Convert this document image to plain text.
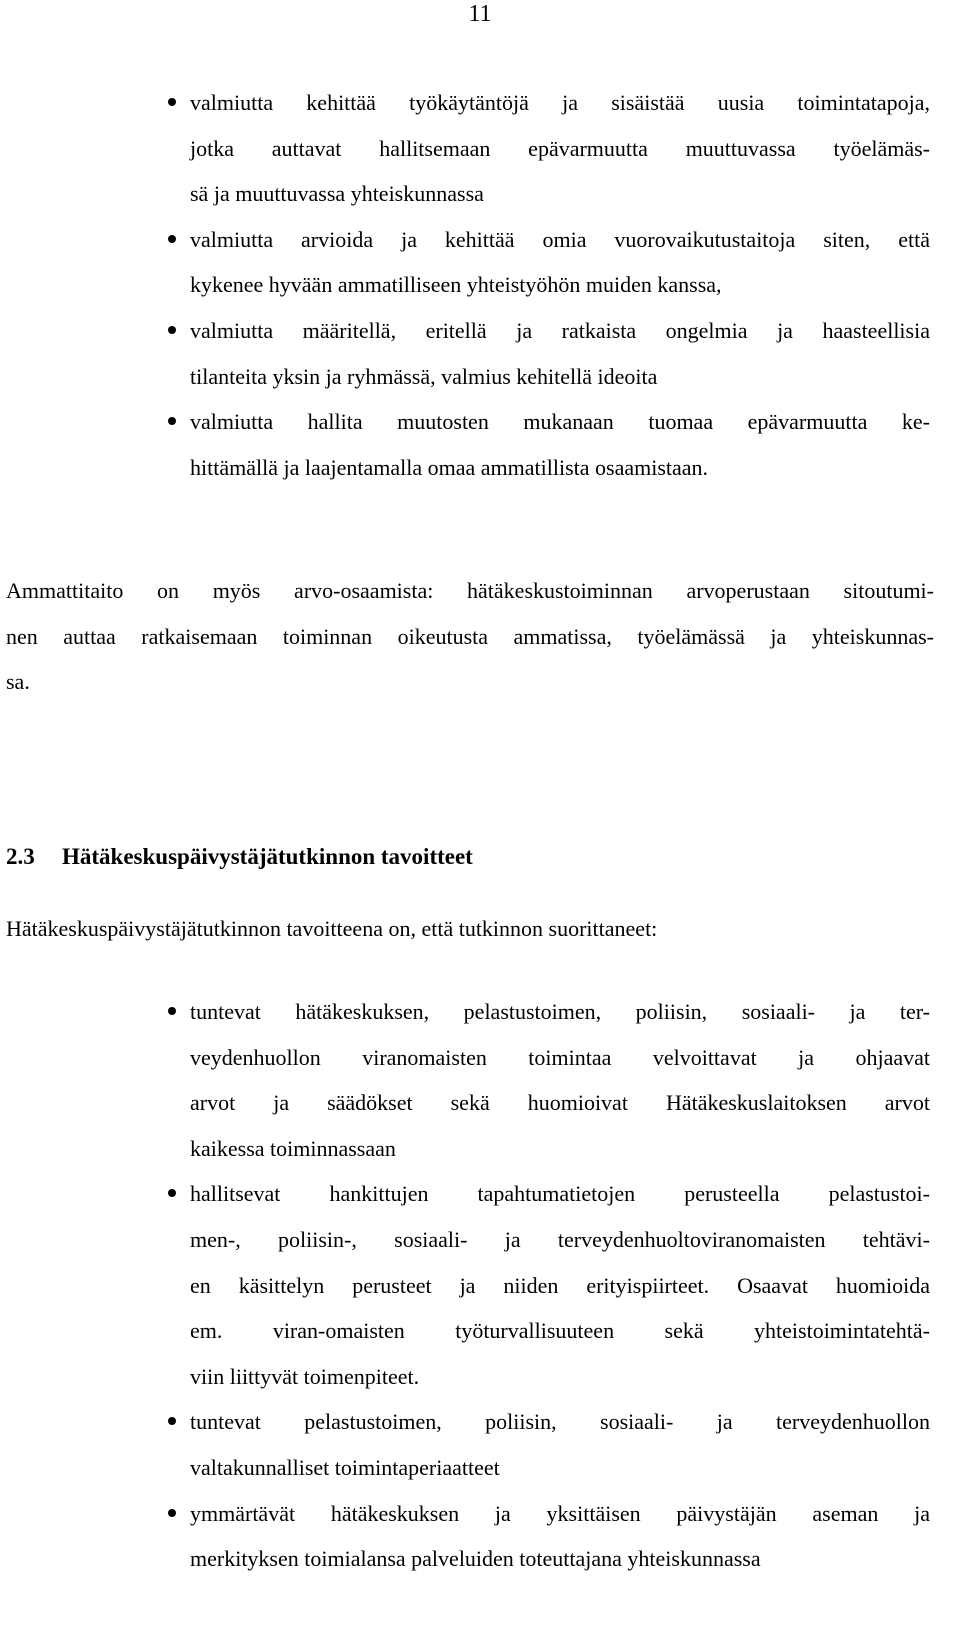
11
valmiutta kehittää työkäytäntöjä ja sisäistää uusia toimintatapoja,
jotka auttavat hallitsemaan epävarmuutta muuttuvassa työelämäs-
sä ja muuttuvassa yhteiskunnassa
valmiutta arvioida ja kehittää omia vuorovaikutustaitoja siten, että
kykenee hyvään ammatilliseen yhteistyöhön muiden kanssa,
valmiutta määritellä, eritellä ja ratkaista ongelmia ja haasteellisia
tilanteita yksin ja ryhmässä, valmius kehitellä ideoita
valmiutta hallita muutosten mukanaan tuomaa epävarmuutta ke-
hittämällä ja laajentamalla omaa ammatillista osaamistaan.
Ammattitaito on myös arvo-osaamista: hätäkeskustoiminnan arvoperustaan sitoutumi-
nen auttaa ratkaisemaan toiminnan oikeutusta ammatissa, työelämässä ja yhteiskunnas-
sa.
2.3 Hätäkeskuspäivystäjätutkinnon tavoitteet
Hätäkeskuspäivystäjätutkinnon tavoitteena on, että tutkinnon suorittaneet:
tuntevat hätäkeskuksen, pelastustoimen, poliisin, sosiaali- ja ter-
veydenhuollon viranomaisten toimintaa velvoittavat ja ohjaavat
arvot ja säädökset sekä huomioivat Hätäkeskuslaitoksen arvot
kaikessa toiminnassaan
hallitsevat hankittujen tapahtumatietojen perusteella pelastustoi-
men-, poliisin-, sosiaali- ja terveydenhuoltoviranomaisten tehtävi-
en käsittelyn perusteet ja niiden erityispiirteet. Osaavat huomioida
em. viran-omaisten työturvallisuuteen sekä yhteistoimintatehtä-
viin liittyvät toimenpiteet.
tuntevat pelastustoimen, poliisin, sosiaali- ja terveydenhuollon
valtakunnalliset toimintaperiaatteet
ymmärtävät hätäkeskuksen ja yksittäisen päivystäjän aseman ja
merkityksen toimialansa palveluiden toteuttajana yhteiskunnassa
